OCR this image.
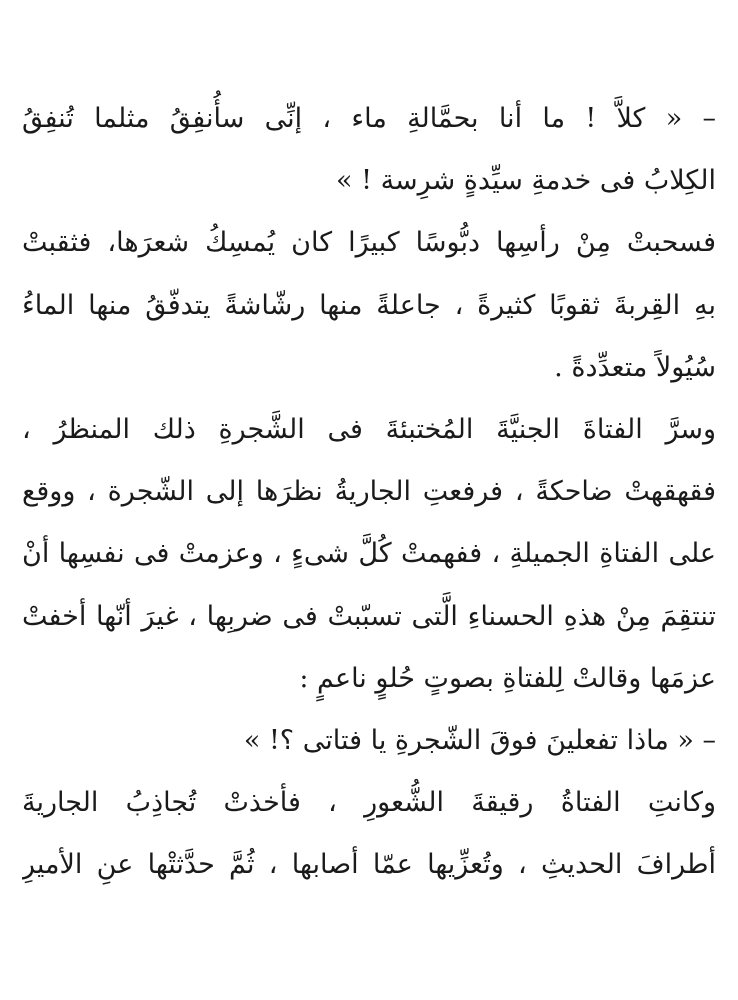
– « كلاَّ ! ما أنا بحمَّالةِ ماء ، إنِّى سأُنفِقُ مثلما تُنفِقُ
الكِلابُ فى خدمةِ سيِّدةٍ شرِسة ! »
فسحبتْ مِنْ رأسِها دبُّوسًا كبيرًا كان يُمسِكُ شعرَها، فثقبتْ
بهِ القِربةَ ثقوبًا كثيرةً ، جاعلةً منها رشّاشةً يتدفّقُ منها الماءُ
سُيُولاً متعدِّدةً .
وسرَّ الفتاةَ الجنيَّةَ المُختبئةَ فى الشَّجرةِ ذلك المنظرُ ،
فقهقهتْ ضاحكةً ، فرفعتِ الجاريةُ نظرَها إلى الشّجرة ، ووقع
على الفتاةِ الجميلةِ ، ففهمتْ كُلَّ شىءٍ ، وعزمتْ فى نفسِها أنْ
تنتقِمَ مِنْ هذهِ الحسناءِ الَّتى تسبّبتْ فى ضربِها ، غيرَ أنّها أخفتْ
عزمَها وقالتْ لِلفتاةِ بصوتٍ حُلوٍ ناعمٍ :
– « ماذا تفعلينَ فوقَ الشّجرةِ يا فتاتى ؟! »
وكانتِ الفتاةُ رقيقةَ الشُّعورِ ، فأخذتْ تُجاذِبُ الجاريةَ
أطرافَ الحديثِ ، وتُعزِّيها عمّا أصابها ، ثُمَّ حدَّثتْها عنِ الأميرِ
